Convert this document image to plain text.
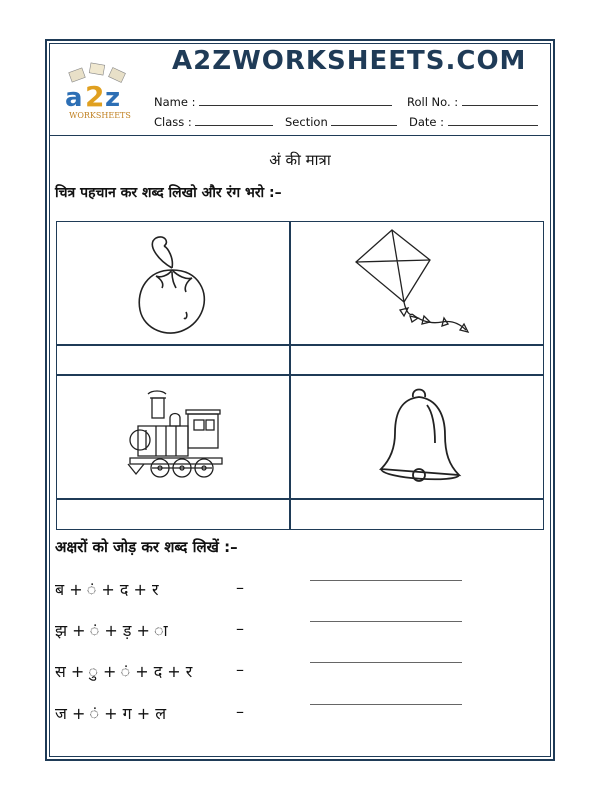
a 2 z
WORKSHEETS
A2ZWORKSHEETS.COM
Name :	Roll No. :
Class :	Section	Date :
अं की मात्रा
चित्र पहचान कर शब्द लिखो और रंग भरो :–
अक्षरों को जोड़ कर शब्द लिखें :–
ब + ं + द + र	–
झ + ं + ड़ + ा	–
स + ु + ं + द + र	–
ज + ं + ग + ल	–
